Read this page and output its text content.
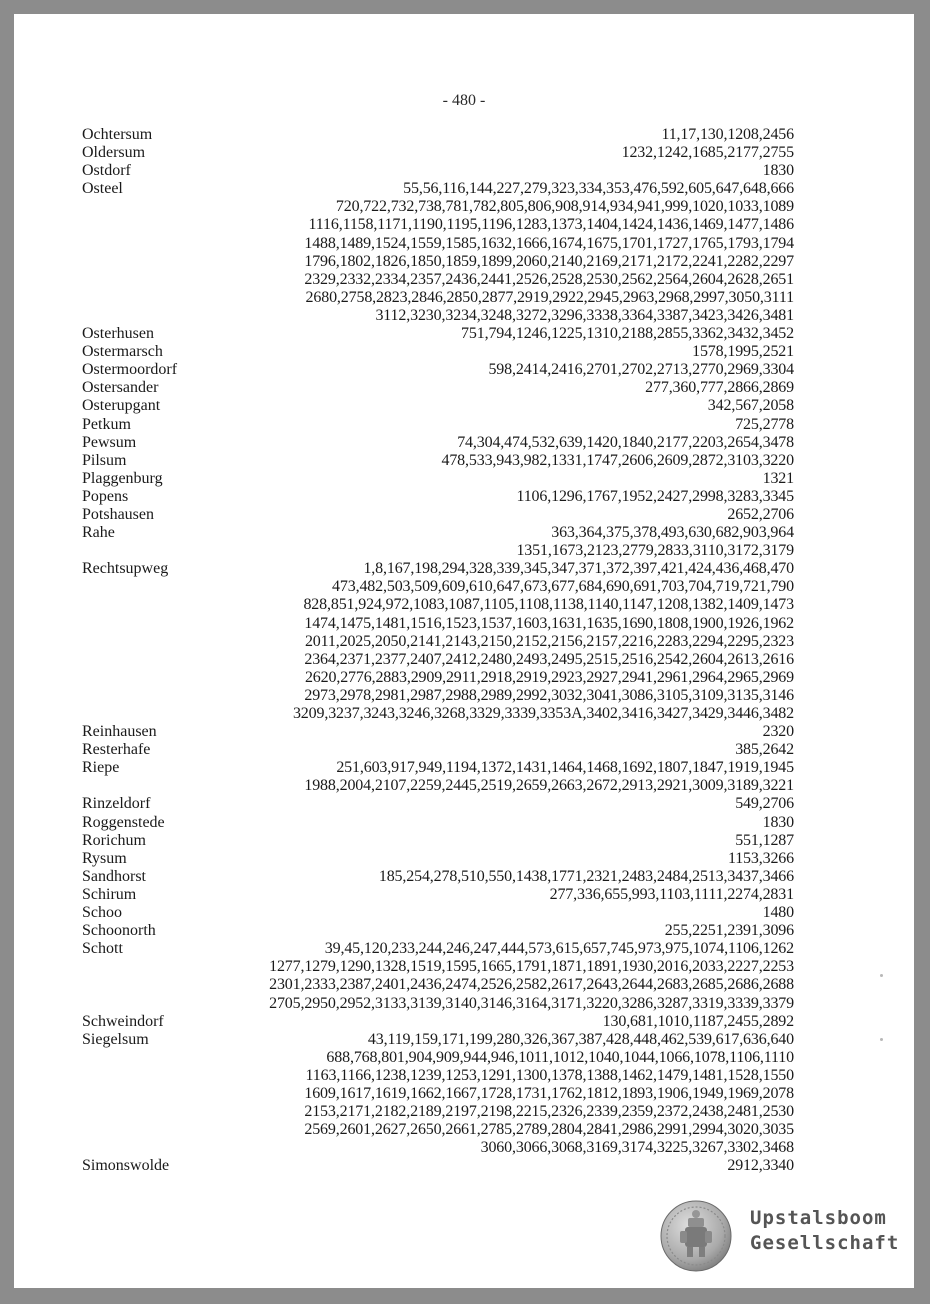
- 480 -
Ochtersum	11,17,130,1208,2456
Oldersum	1232,1242,1685,2177,2755
Ostdorf	1830
Osteel	55,56,116,144,227,279,323,334,353,476,592,605,647,648,666
720,722,732,738,781,782,805,806,908,914,934,941,999,1020,1033,1089
1116,1158,1171,1190,1195,1196,1283,1373,1404,1424,1436,1469,1477,1486
1488,1489,1524,1559,1585,1632,1666,1674,1675,1701,1727,1765,1793,1794
1796,1802,1826,1850,1859,1899,2060,2140,2169,2171,2172,2241,2282,2297
2329,2332,2334,2357,2436,2441,2526,2528,2530,2562,2564,2604,2628,2651
2680,2758,2823,2846,2850,2877,2919,2922,2945,2963,2968,2997,3050,3111
3112,3230,3234,3248,3272,3296,3338,3364,3387,3423,3426,3481
Osterhusen	751,794,1246,1225,1310,2188,2855,3362,3432,3452
Ostermarsch	1578,1995,2521
Ostermoordorf	598,2414,2416,2701,2702,2713,2770,2969,3304
Ostersander	277,360,777,2866,2869
Osterupgant	342,567,2058
Petkum	725,2778
Pewsum	74,304,474,532,639,1420,1840,2177,2203,2654,3478
Pilsum	478,533,943,982,1331,1747,2606,2609,2872,3103,3220
Plaggenburg	1321
Popens	1106,1296,1767,1952,2427,2998,3283,3345
Potshausen	2652,2706
Rahe	363,364,375,378,493,630,682,903,964
1351,1673,2123,2779,2833,3110,3172,3179
Rechtsupweg	1,8,167,198,294,328,339,345,347,371,372,397,421,424,436,468,470
473,482,503,509,609,610,647,673,677,684,690,691,703,704,719,721,790
828,851,924,972,1083,1087,1105,1108,1138,1140,1147,1208,1382,1409,1473
1474,1475,1481,1516,1523,1537,1603,1631,1635,1690,1808,1900,1926,1962
2011,2025,2050,2141,2143,2150,2152,2156,2157,2216,2283,2294,2295,2323
2364,2371,2377,2407,2412,2480,2493,2495,2515,2516,2542,2604,2613,2616
2620,2776,2883,2909,2911,2918,2919,2923,2927,2941,2961,2964,2965,2969
2973,2978,2981,2987,2988,2989,2992,3032,3041,3086,3105,3109,3135,3146
3209,3237,3243,3246,3268,3329,3339,3353A,3402,3416,3427,3429,3446,3482
Reinhausen	2320
Resterhafe	385,2642
Riepe	251,603,917,949,1194,1372,1431,1464,1468,1692,1807,1847,1919,1945
1988,2004,2107,2259,2445,2519,2659,2663,2672,2913,2921,3009,3189,3221
Rinzeldorf	549,2706
Roggenstede	1830
Rorichum	551,1287
Rysum	1153,3266
Sandhorst	185,254,278,510,550,1438,1771,2321,2483,2484,2513,3437,3466
Schirum	277,336,655,993,1103,1111,2274,2831
Schoo	1480
Schoonorth	255,2251,2391,3096
Schott	39,45,120,233,244,246,247,444,573,615,657,745,973,975,1074,1106,1262
1277,1279,1290,1328,1519,1595,1665,1791,1871,1891,1930,2016,2033,2227,2253
2301,2333,2387,2401,2436,2474,2526,2582,2617,2643,2644,2683,2685,2686,2688
2705,2950,2952,3133,3139,3140,3146,3164,3171,3220,3286,3287,3319,3339,3379
Schweindorf	130,681,1010,1187,2455,2892
Siegelsum	43,119,159,171,199,280,326,367,387,428,448,462,539,617,636,640
688,768,801,904,909,944,946,1011,1012,1040,1044,1066,1078,1106,1110
1163,1166,1238,1239,1253,1291,1300,1378,1388,1462,1479,1481,1528,1550
1609,1617,1619,1662,1667,1728,1731,1762,1812,1893,1906,1949,1969,2078
2153,2171,2182,2189,2197,2198,2215,2326,2339,2359,2372,2438,2481,2530
2569,2601,2627,2650,2661,2785,2789,2804,2841,2986,2991,2994,3020,3035
3060,3066,3068,3169,3174,3225,3267,3302,3468
Simonswolde	2912,3340
Upstalsboom
Gesellschaft
